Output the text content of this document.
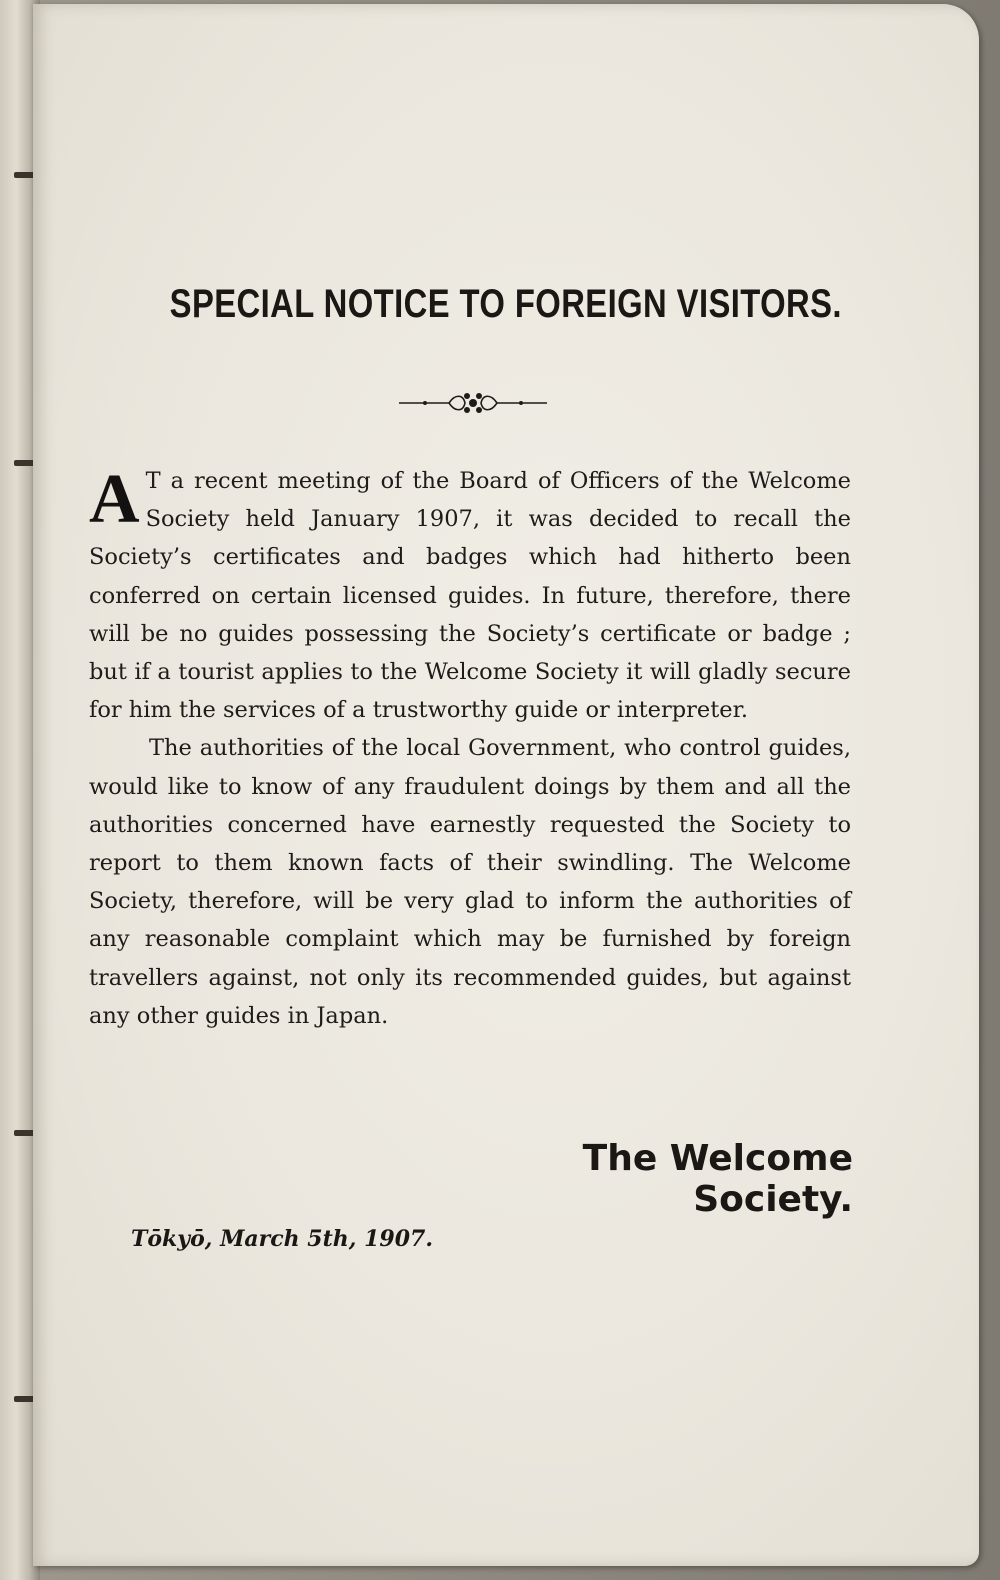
SPECIAL NOTICE TO FOREIGN VISITORS.

A T a recent meeting of the Board of Officers of the Welcome Society held January 1907, it was decided to recall the Society’s certificates and badges which had hitherto been conferred on certain licensed guides. In future, therefore, there will be no guides possessing the Society’s certificate or badge ; but if a tourist applies to the Welcome Society it will gladly secure for him the services of a trustworthy guide or interpreter.

The authorities of the local Government, who control guides, would like to know of any fraudulent doings by them and all the authorities concerned have earnestly requested the Society to report to them known facts of their swindling. The Welcome Society, therefore, will be very glad to inform the authorities of any reasonable complaint which may be furnished by foreign travellers against, not only its recommended guides, but against any other guides in Japan.

The Welcome Society.
Tōkyō, March 5th, 1907.
